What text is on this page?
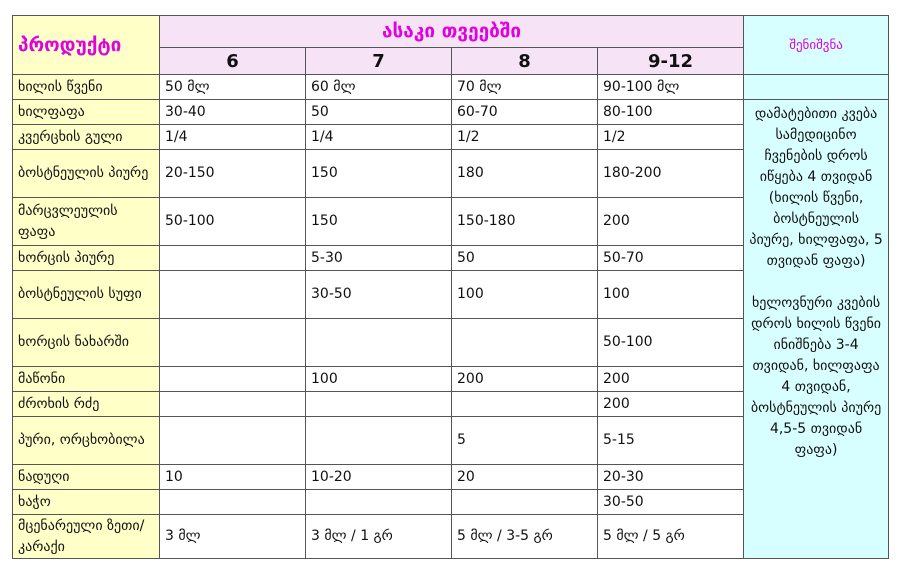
პროდუქტი	ასაკი თვეებში				შენიშვნა
	6	7	8	9-12	
ხილის წვენი	50 მლ	60 მლ	70 მლ	90-100 მლ	
ხილფაფა	30-40	50	60-70	80-100	დამატებითი კვება სამედიცინო ჩვენების დროს იწყება 4 თვიდან (ხილის წვენი, ბოსტნეულის პიურე, ხილფაფა, 5 თვიდან ფაფა)

ხელოვნური კვების დროს ხილის წვენი ინიშნება 3-4 თვიდან, ხილფაფა 4 თვიდან, ბოსტნეულის პიურე 4,5-5 თვიდან ფაფა)
კვერცხის გული	1/4	1/4	1/2	1/2	
ბოსტნეულის პიურე	20-150	150	180	180-200	
მარცვლეულის ფაფა	50-100	150	150-180	200	
ხორცის პიურე		5-30	50	50-70	
ბოსტნეულის სუფი		30-50	100	100	
ხორცის ნახარში				50-100	
მაწონი		100	200	200	
ძროხის რძე				200	
პური, ორცხობილა			5	5-15	
ნადუღი	10	10-20	20	20-30	
ხაჭო				30-50	
მცენარეული ზეთი/კარაქი	3 მლ	3 მლ / 1 გრ	5 მლ / 3-5 გრ	5 მლ / 5 გრ	
